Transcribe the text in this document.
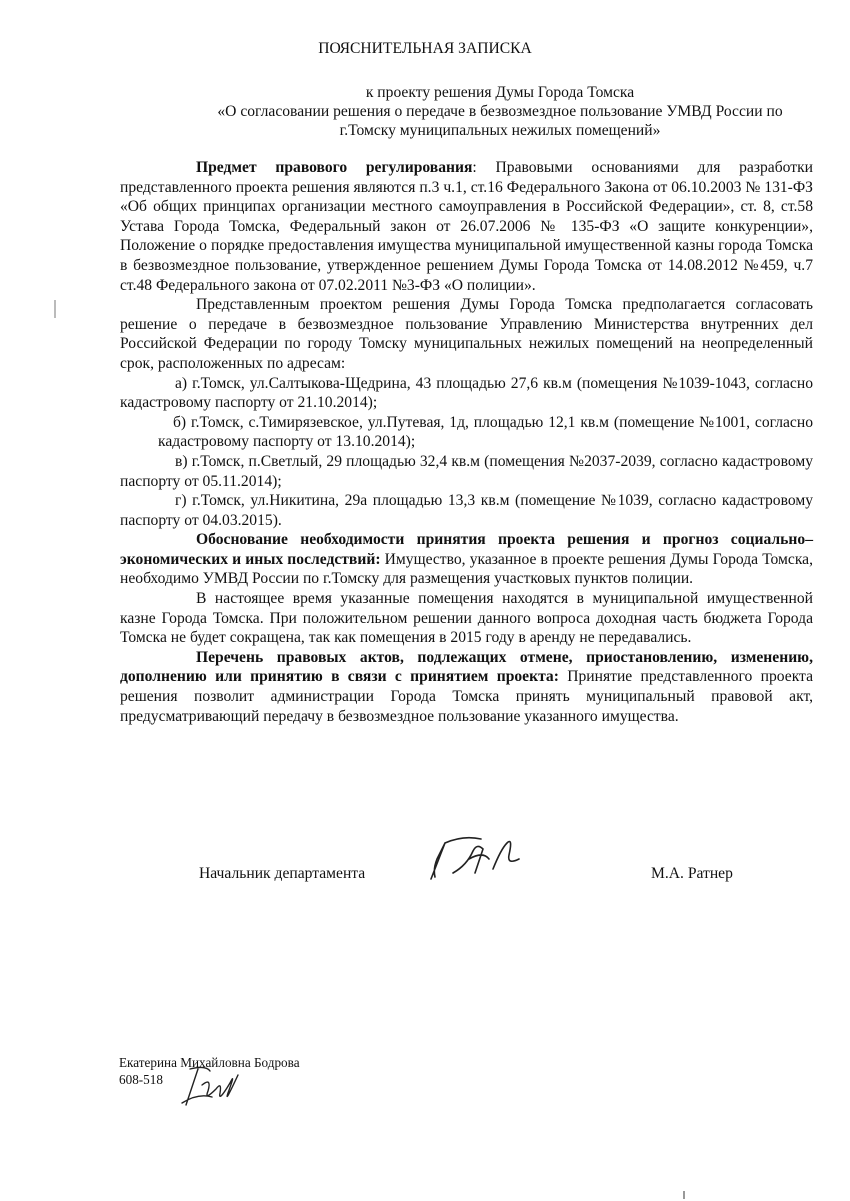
ПОЯСНИТЕЛЬНАЯ ЗАПИСКА
к проекту решения Думы Города Томска
«О согласовании решения о передаче в безвозмездное пользование УМВД России по
г.Томску муниципальных нежилых помещений»

Предмет правового регулирования: Правовыми основаниями для разработки представленного проекта решения являются п.3 ч.1, ст.16 Федерального Закона от 06.10.2003 № 131-ФЗ «Об общих принципах организации местного самоуправления в Российской Федерации», ст. 8, ст.58 Устава Города Томска, Федеральный закон от 26.07.2006 № 135-ФЗ «О защите конкуренции», Положение о порядке предоставления имущества муниципальной имущественной казны города Томска в безвозмездное пользование, утвержденное решением Думы Города Томска от 14.08.2012 №459, ч.7 ст.48 Федерального закона от 07.02.2011 №3-ФЗ «О полиции».

Представленным проектом решения Думы Города Томска предполагается согласовать решение о передаче в безвозмездное пользование Управлению Министерства внутренних дел Российской Федерации по городу Томску муниципальных нежилых помещений на неопределенный срок, расположенных по адресам:

а) г.Томск, ул.Салтыкова-Щедрина, 43 площадью 27,6 кв.м (помещения №1039-1043, согласно кадастровому паспорту от 21.10.2014);

б) г.Томск, с.Тимирязевское, ул.Путевая, 1д, площадью 12,1 кв.м (помещение №1001, согласно кадастровому паспорту от 13.10.2014);

в) г.Томск, п.Светлый, 29 площадью 32,4 кв.м (помещения №2037-2039, согласно кадастровому паспорту от 05.11.2014);

г) г.Томск, ул.Никитина, 29а площадью 13,3 кв.м (помещение №1039, согласно кадастровому паспорту от 04.03.2015).

Обоснование необходимости принятия проекта решения и прогноз социально–экономических и иных последствий: Имущество, указанное в проекте решения Думы Города Томска, необходимо УМВД России по г.Томску для размещения участковых пунктов полиции.

В настоящее время указанные помещения находятся в муниципальной имущественной казне Города Томска. При положительном решении данного вопроса доходная часть бюджета Города Томска не будет сокращена, так как помещения в 2015 году в аренду не передавались.

Перечень правовых актов, подлежащих отмене, приостановлению, изменению, дополнению или принятию в связи с принятием проекта: Принятие представленного проекта решения позволит администрации Города Томска принять муниципальный правовой акт, предусматривающий передачу в безвозмездное пользование указанного имущества.

Начальник департамента	М.А. Ратнер
Екатерина Михайловна Бодрова
608-518
